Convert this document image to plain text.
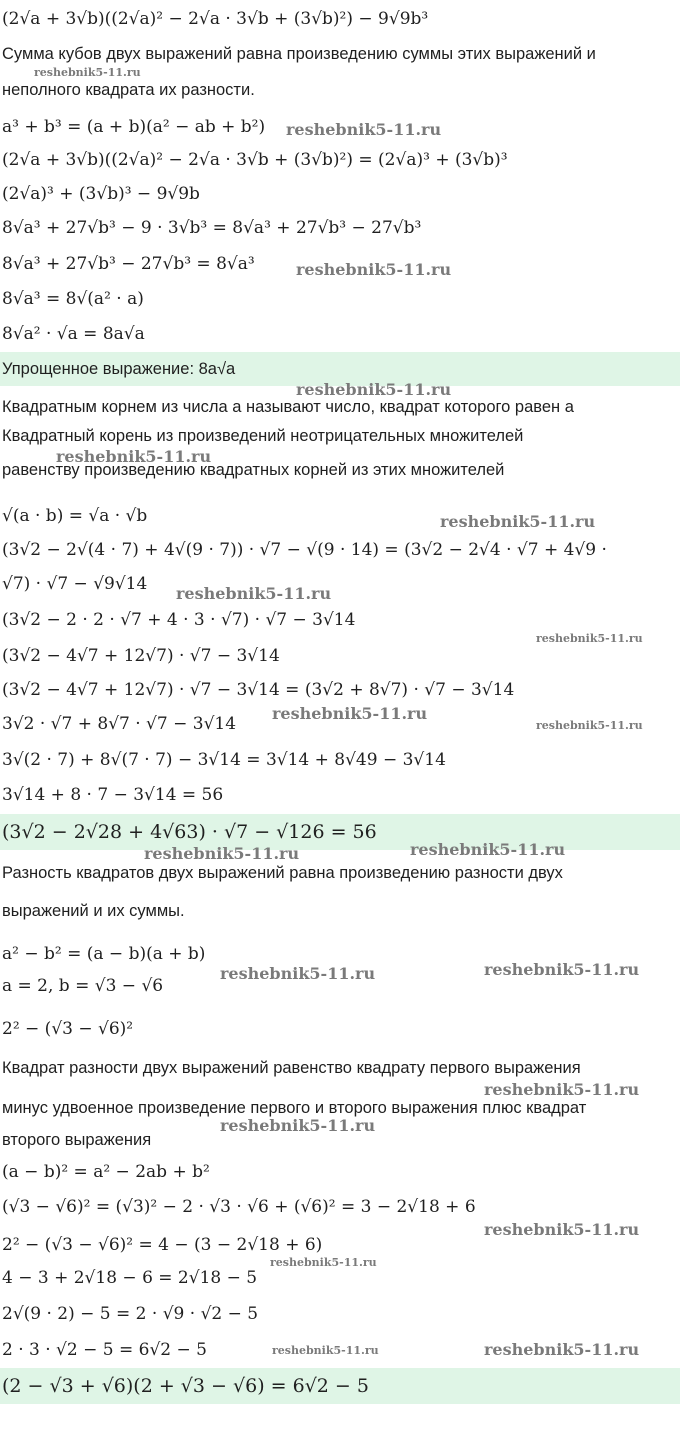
(2√a + 3√b)((2√a)² − 2√a · 3√b + (3√b)²) − 9√9b³
Сумма кубов двух выражений равна произведению суммы этих выражений и
неполного квадрата их разности.
a³ + b³ = (a + b)(a² − ab + b²)
(2√a + 3√b)((2√a)² − 2√a · 3√b + (3√b)²) = (2√a)³ + (3√b)³
(2√a)³ + (3√b)³ − 9√9b
8√a³ + 27√b³ − 9 · 3√b³ = 8√a³ + 27√b³ − 27√b³
8√a³ + 27√b³ − 27√b³ = 8√a³
8√a³ = 8√(a² · a)
8√a² · √a = 8a√a
Упрощенное выражение: 8a√a
Квадратным корнем из числа a называют число, квадрат которого равен a
Квадратный корень из произведений неотрицательных множителей
равенству произведению квадратных корней из этих множителей
√(a · b) = √a · √b
(3√2 − 2√(4 · 7) + 4√(9 · 7)) · √7 − √(9 · 14) = (3√2 − 2√4 · √7 + 4√9 ·
√7) · √7 − √9√14
(3√2 − 2 · 2 · √7 + 4 · 3 · √7) · √7 − 3√14
(3√2 − 4√7 + 12√7) · √7 − 3√14
(3√2 − 4√7 + 12√7) · √7 − 3√14 = (3√2 + 8√7) · √7 − 3√14
3√2 · √7 + 8√7 · √7 − 3√14
3√(2 · 7) + 8√(7 · 7) − 3√14 = 3√14 + 8√49 − 3√14
3√14 + 8 · 7 − 3√14 = 56
(3√2 − 2√28 + 4√63) · √7 − √126 = 56
Разность квадратов двух выражений равна произведению разности двух
выражений и их суммы.
a² − b² = (a − b)(a + b)
a = 2, b = √3 − √6
2² − (√3 − √6)²
Квадрат разности двух выражений равенство квадрату первого выражения
минус удвоенное произведение первого и второго выражения плюс квадрат
второго выражения
(a − b)² = a² − 2ab + b²
(√3 − √6)² = (√3)² − 2 · √3 · √6 + (√6)² = 3 − 2√18 + 6
2² − (√3 − √6)² = 4 − (3 − 2√18 + 6)
4 − 3 + 2√18 − 6 = 2√18 − 5
2√(9 · 2) − 5 = 2 · √9 · √2 − 5
2 · 3 · √2 − 5 = 6√2 − 5
(2 − √3 + √6)(2 + √3 − √6) = 6√2 − 5
reshebnik5-11.ru
reshebnik5-11.ru
reshebnik5-11.ru
reshebnik5-11.ru
reshebnik5-11.ru
reshebnik5-11.ru
reshebnik5-11.ru
reshebnik5-11.ru
reshebnik5-11.ru
reshebnik5-11.ru
reshebnik5-11.ru	reshebnik5-11.ru
reshebnik5-11.ru	reshebnik5-11.ru
reshebnik5-11.ru
reshebnik5-11.ru
reshebnik5-11.ru
reshebnik5-11.ru
reshebnik5-11.ru	reshebnik5-11.ru
